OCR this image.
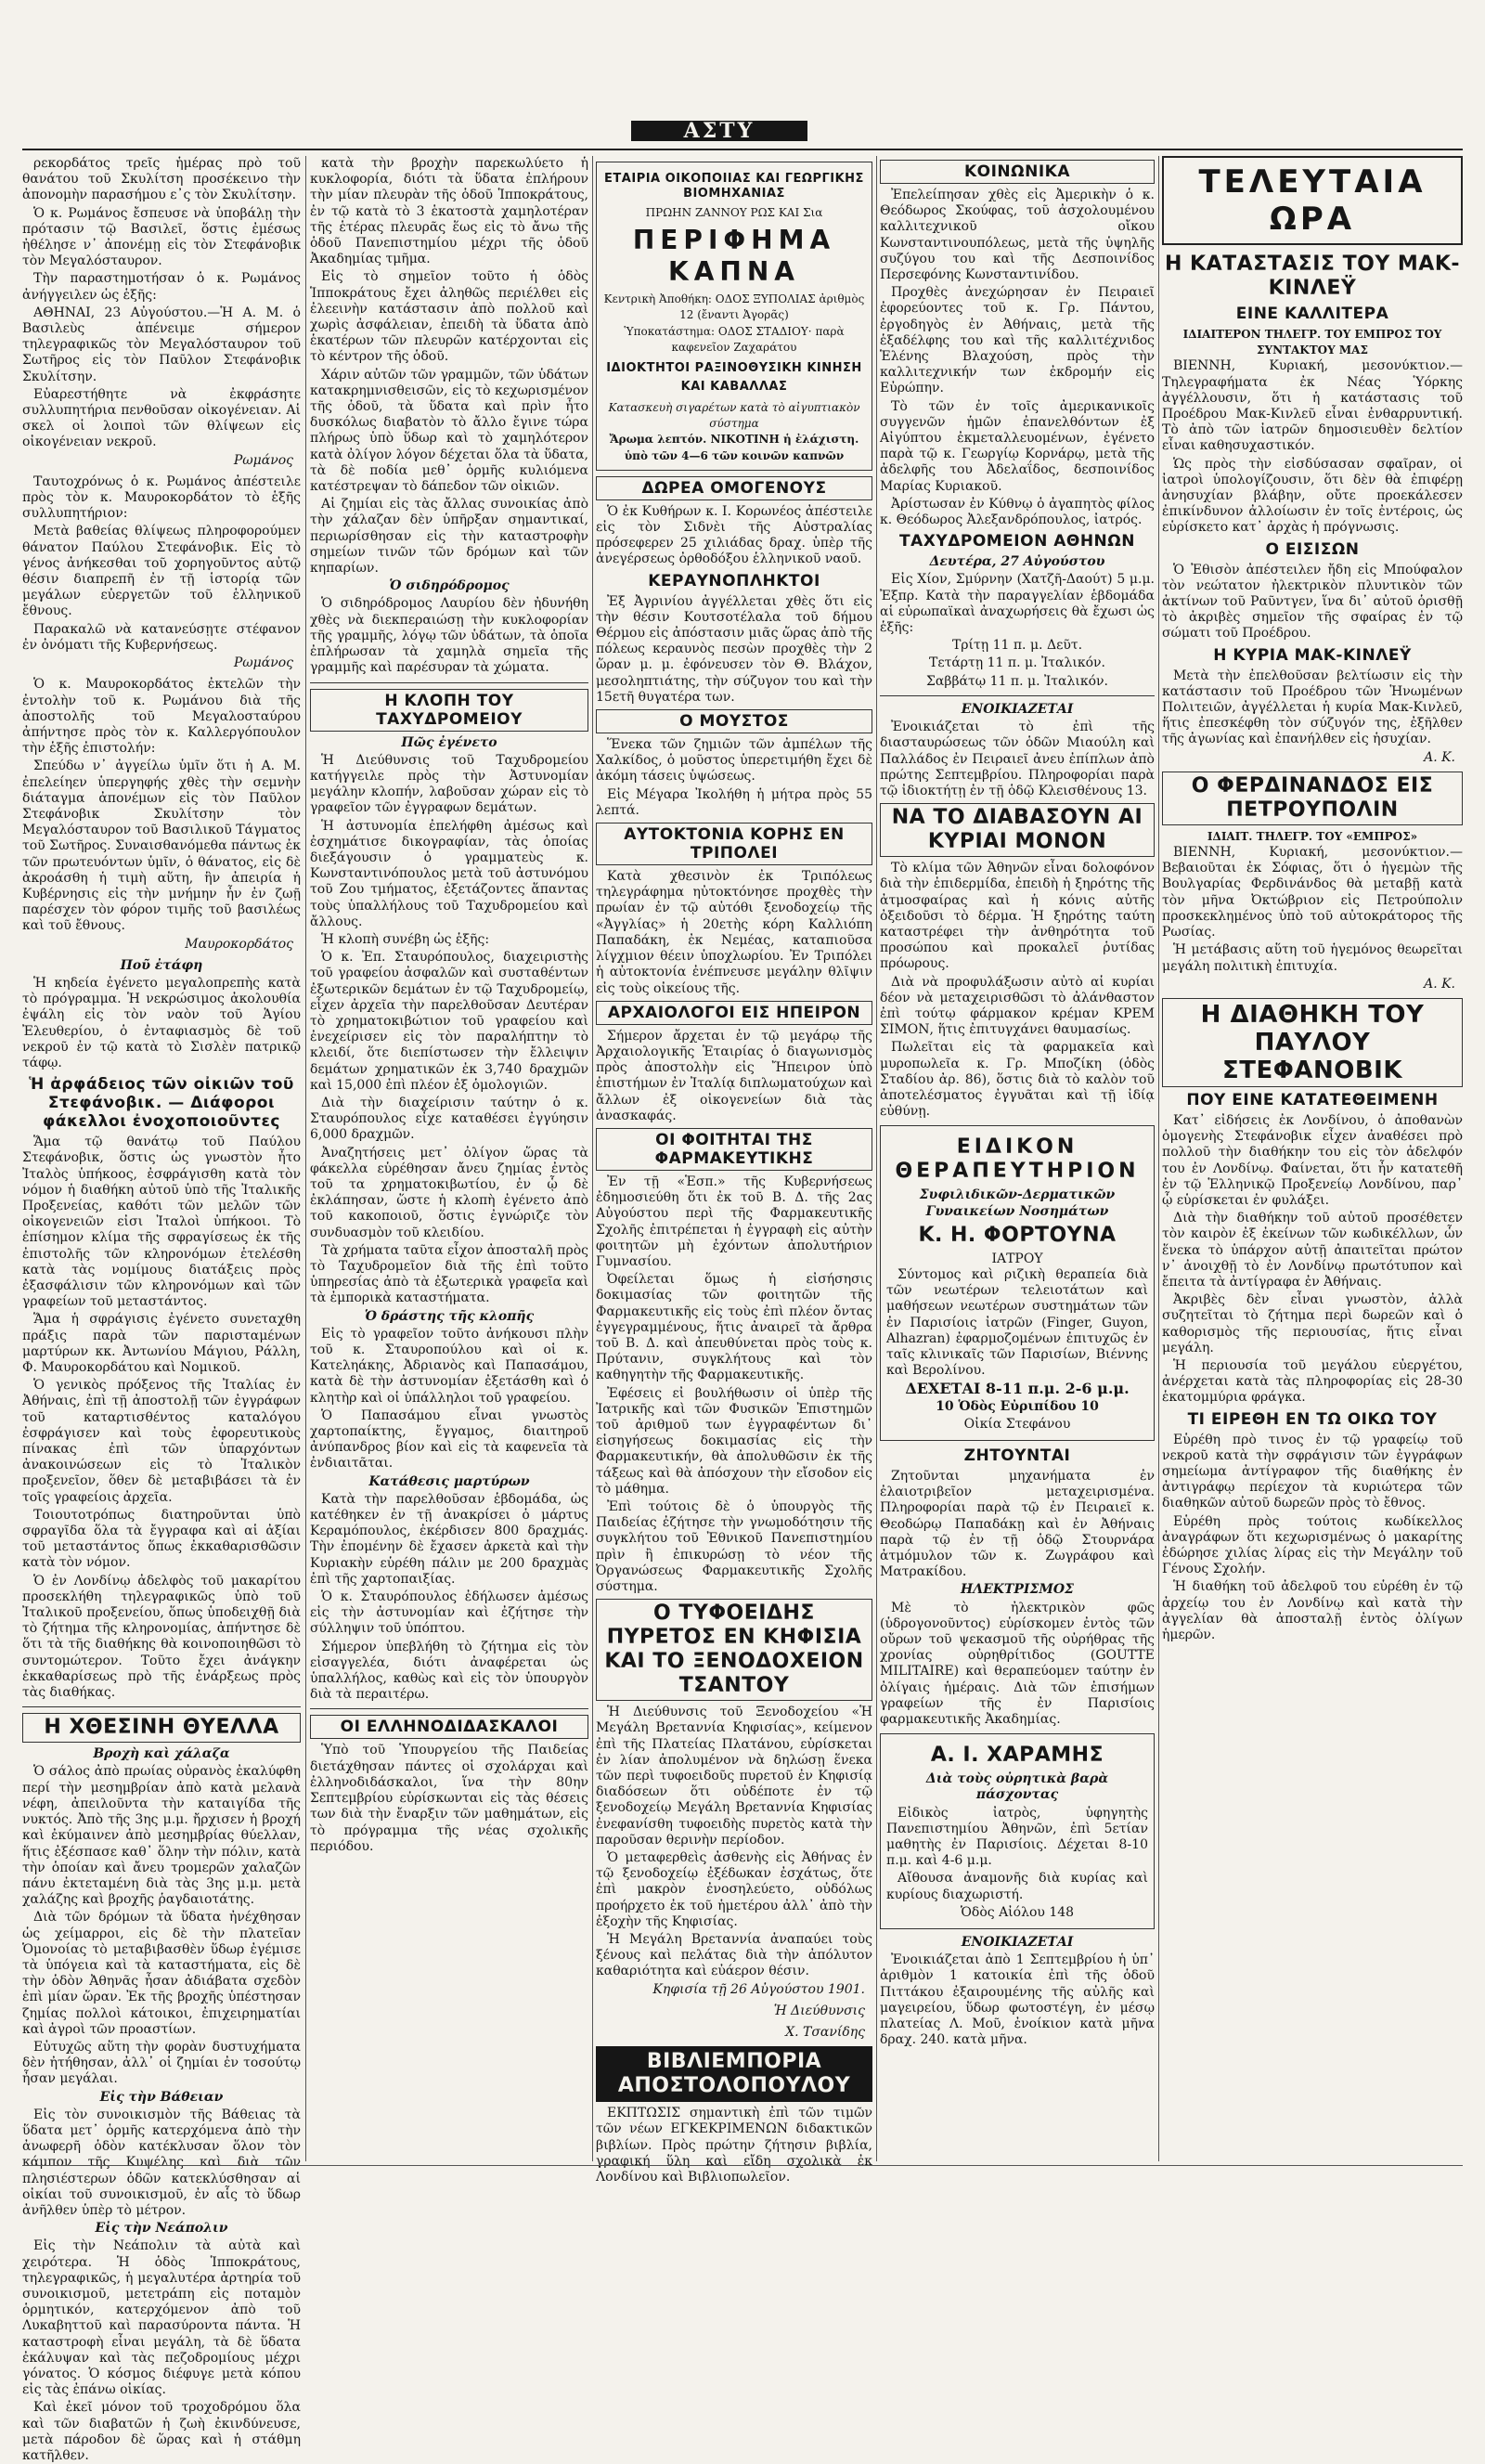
ΑΣΤΥ

ρεκορδάτος τρεῖς ἡμέρας πρὸ τοῦ θανάτου τοῦ Σκυλίτση προσέκεινο τὴν ἀπονομὴν παρασήμου ε᾽ς τὸν Σκυλίτσην.

Ὁ κ. Ρωμάνος ἔσπευσε νὰ ὑποβάλῃ τὴν πρότασιν τῷ Βασιλεῖ, ὅστις ἐμέσως ἠθέλησε ν᾽ ἀπονέμῃ εἰς τὸν Στεφάνοβικ τὸν Μεγαλόσταυρον.

Τὴν παραστημοτήσαν ὁ κ. Ρωμάνος ἀνήγγειλεν ὡς ἑξῆς:

ΑΘΗΝΑΙ, 23 Αὐγούστου.—Ἡ Α. Μ. ὁ Βασιλεὺς ἀπένειμε σήμερον τηλεγραφικῶς τὸν Μεγαλόσταυρον τοῦ Σωτῆρος εἰς τὸν Παῦλον Στεφάνοβικ Σκυλίτσην.

Εὐαρεστήθητε νὰ ἐκφράσητε συλλυπητήρια πενθοῦσαν οἰκογένειαν. Αἱ σκελ οἱ λοιποὶ τῶν θλίψεων εἰς οἰκογένειαν νεκροῦ.

Ρωμάνος

Ταυτοχρόνως ὁ κ. Ρωμάνος ἀπέστειλε πρὸς τὸν κ. Μαυροκορδάτον τὸ ἑξῆς συλλυπητήριον:

Μετὰ βαθείας θλίψεως πληροφορούμεν θάνατον Παύλου Στεφάνοβικ. Εἰς τὸ γένος ἀνήκεσθαι τοῦ χορηγοῦντος αὐτῷ θέσιν διαπρεπῆ ἐν τῇ ἱστορίᾳ τῶν μεγάλων εὐεργετῶν τοῦ ἑλληνικοῦ ἔθνους.

Παρακαλῶ νὰ κατανεύσῃτε στέφανον ἐν ὀνόματι τῆς Κυβερνήσεως.

Ρωμάνος

Ὁ κ. Μαυροκορδάτος ἐκτελῶν τὴν ἐντολὴν τοῦ κ. Ρωμάνου διὰ τῆς ἀποστολῆς τοῦ Μεγαλοσταύρου ἀπήντησε πρὸς τὸν κ. Καλλεργόπουλον τὴν ἑξῆς ἐπιστολήν:

Σπεύδω ν᾽ ἀγγείλω ὑμῖν ὅτι ἡ Α. Μ. ἐπελείηεν ὑπεργηφής χθὲς τὴν σεμνὴν διάταγμα ἀπονέμων εἰς τὸν Παῦλον Στεφάνοβικ Σκυλίτσην τὸν Μεγαλόσταυρον τοῦ Βασιλικοῦ Τάγματος τοῦ Σωτῆρος. Συναισθανόμεθα πάντως ἐκ τῶν πρωτευόντων ὑμῖν, ὁ θάνατος, εἰς δὲ ἀκροάσθη ἡ τιμὴ αὕτη, ἣν ἀπειρία ἡ Κυβέρνησις εἰς τὴν μνήμην ἦν ἐν ζωῇ παρέσχεν τὸν φόρον τιμῆς τοῦ βασιλέως καὶ τοῦ ἔθνους.

Μαυροκορδάτος
Ποῦ ἐτάφη

Ἡ κηδεία ἐγένετο μεγαλοπρεπὴς κατὰ τὸ πρόγραμμα. Ἡ νεκρώσιμος ἀκολουθία ἐψάλη εἰς τὸν ναὸν τοῦ Ἁγίου Ἐλευθερίου, ὁ ἐνταφιασμὸς δὲ τοῦ νεκροῦ ἐν τῷ κατὰ τὸ Σισλὲν πατρικῷ τάφῳ.

Ἡ ἀρφάδειος τῶν οἰκιῶν τοῦ Στεφάνοβικ. — Διάφοροι φάκελλοι ἐνοχοποιοῦντες

Ἅμα τῷ θανάτῳ τοῦ Παύλου Στεφάνοβικ, ὅστις ὡς γνωστὸν ἦτο Ἰταλὸς ὑπήκοος, ἐσφράγισθη κατὰ τὸν νόμον ἡ διαθήκη αὐτοῦ ὑπὸ τῆς Ἰταλικῆς Προξενείας, καθότι τῶν μελῶν τῶν οἰκογενειῶν εἰσι Ἰταλοὶ ὑπήκοοι. Τὸ ἐπίσημον κλίμα τῆς σφραγίσεως ἐκ τῆς ἐπιστολῆς τῶν κληρονόμων ἐτελέσθη κατὰ τὰς νομίμους διατάξεις πρὸς ἐξασφάλισιν τῶν κληρονόμων καὶ τῶν γραφείων τοῦ μεταστάντος.

Ἅμα ἡ σφράγισις ἐγένετο συνεταχθη πράξις παρὰ τῶν παρισταμένων μαρτύρων κκ. Ἀντωνίου Μάγιου, Ράλλη, Φ. Μαυροκορδάτου καὶ Νομικοῦ.

Ὁ γενικὸς πρόξενος τῆς Ἰταλίας ἐν Ἀθήναις, ἐπὶ τῇ ἀποστολῇ τῶν ἐγγράφων τοῦ καταρτισθέντος καταλόγου ἐσφράγισεν καὶ τοὺς ἐφορευτικοὺς πίνακας ἐπὶ τῶν ὑπαρχόντων ἀνακοινώσεων εἰς τὸ Ἰταλικὸν προξενεῖον, ὅθεν δὲ μεταβιβάσει τὰ ἐν τοῖς γραφείοις ἀρχεῖα.

Τοιουτοτρόπως διατηροῦνται ὑπὸ σφραγῖδα ὅλα τὰ ἔγγραφα καὶ αἱ ἀξίαι τοῦ μεταστάντος ὅπως ἐκκαθαρισθῶσιν κατὰ τὸν νόμον.

Ὁ ἐν Λονδίνῳ ἀδελφὸς τοῦ μακαρίτου προσεκλήθη τηλεγραφικῶς ὑπὸ τοῦ Ἰταλικοῦ προξενείου, ὅπως ὑποδειχθῇ διὰ τὸ ζήτημα τῆς κληρονομίας, ἀπήντησε δὲ ὅτι τὰ τῆς διαθήκης θὰ κοινοποιηθῶσι τὸ συντομώτερον. Τοῦτο ἔχει ἀνάγκην ἐκκαθαρίσεως πρὸ τῆς ἐνάρξεως πρὸς τὰς διαθήκας.

Η ΧΘΕΣΙΝΗ ΘΥΕΛΛΑ
Βροχὴ καὶ χάλαζα

Ὁ σάλος ἀπὸ πρωίας οὐρανὸς ἐκαλύφθη περί τὴν μεσημβρίαν ἀπὸ κατὰ μελανὰ νέφη, ἀπειλοῦντα τὴν καταιγίδα τῆς νυκτός. Ἀπὸ τῆς 3ης μ.μ. ἤρχισεν ἡ βροχή καὶ ἐκύμαινεν ἀπὸ μεσημβρίας θύελλαν, ἥτις ἐξέσπασε καθ᾽ ὅλην τὴν πόλιν, κατὰ τὴν ὁποίαν καὶ ἄνευ τρομερῶν χαλαζῶν πάνυ ἐκτεταμένη διὰ τὰς 3ης μ.μ. μετὰ χαλάζης καὶ βροχῆς ῥαγδαιοτάτης.

Διὰ τῶν δρόμων τὰ ὕδατα ἠνέχθησαν ὡς χείμαρροι, εἰς δὲ τὴν πλατεῖαν Ὁμονοίας τὸ μεταβιβασθὲν ὕδωρ ἐγέμισε τὰ ὑπόγεια καὶ τὰ καταστήματα, εἰς δὲ τὴν ὁδὸν Ἀθηνᾶς ἦσαν ἀδιάβατα σχεδὸν ἐπὶ μίαν ὥραν. Ἐκ τῆς βροχῆς ὑπέστησαν ζημίας πολλοὶ κάτοικοι, ἐπιχειρηματίαι καὶ ἀγροὶ τῶν προαστίων.

Εὐτυχῶς αὕτη τὴν φορὰν δυστυχήματα δὲν ἠτήθησαν, ἀλλ᾽ οἱ ζημίαι ἐν τοσούτῳ ἦσαν μεγάλαι.

Εἰς τὴν Βάθειαν

Εἰς τὸν συνοικισμὸν τῆς Βάθειας τὰ ὕδατα μετ᾽ ὁρμῆς κατερχόμενα ἀπὸ τὴν ἀνωφερῆ ὁδὸν κατέκλυσαν ὅλον τὸν κάμπον τῆς Κυψέλης καὶ διὰ τῶν πλησιέστερων ὁδῶν κατεκλύσθησαν αἱ οἰκίαι τοῦ συνοικισμοῦ, ἐν αἷς τὸ ὕδωρ ἀνῆλθεν ὑπὲρ τὸ μέτρον.

Εἰς τὴν Νεάπολιν

Εἰς τὴν Νεάπολιν τὰ αὐτὰ καὶ χειρότερα. Ἡ ὁδὸς Ἱπποκράτους, τηλεγραφικῶς, ἡ μεγαλυτέρα ἀρτηρία τοῦ συνοικισμοῦ, μετετράπη εἰς ποταμὸν ὁρμητικόν, κατερχόμενον ἀπὸ τοῦ Λυκαβηττοῦ καὶ παρασύροντα πάντα. Ἡ καταστροφὴ εἶναι μεγάλη, τὰ δὲ ὕδατα ἐκάλυψαν καὶ τὰς πεζοδρομίους μέχρι γόνατος. Ὁ κόσμος διέφυγε μετὰ κόπου εἰς τὰς ἐπάνω οἰκίας.

Καὶ ἐκεῖ μόνον τοῦ τροχοδρόμου ὅλα καὶ τῶν διαβατῶν ἡ ζωὴ ἐκινδύνευσε, μετὰ πάροδον δὲ ὥρας καὶ ἡ στάθμη κατῆλθεν.

κατὰ τὴν βροχὴν παρεκωλύετο ἡ κυκλοφορία, διότι τὰ ὕδατα ἐπλήρουν τὴν μίαν πλευρὰν τῆς ὁδοῦ Ἱπποκράτους, ἐν τῷ κατὰ τὸ 3 ἑκατοστὰ χαμηλοτέραν τῆς ἑτέρας πλευρᾶς ἕως εἰς τὸ ἄνω τῆς ὁδοῦ Πανεπιστημίου μέχρι τῆς ὁδοῦ Ἀκαδημίας τμῆμα.

Εἰς τὸ σημεῖον τοῦτο ἡ ὁδὸς Ἱπποκράτους ἔχει ἀληθῶς περιέλθει εἰς ἐλεεινὴν κατάστασιν ἀπὸ πολλοῦ καὶ χωρὶς ἀσφάλειαν, ἐπειδὴ τὰ ὕδατα ἀπὸ ἑκατέρων τῶν πλευρῶν κατέρχονται εἰς τὸ κέντρον τῆς ὁδοῦ.

Χάριν αὐτῶν τῶν γραμμῶν, τῶν ὑδάτων κατακρημνισθεισῶν, εἰς τὸ κεχωρισμένον τῆς ὁδοῦ, τὰ ὕδατα καὶ πρὶν ἦτο δυσκόλως διαβατὸν τὸ ἄλλο ἔγινε τώρα πλήρως ὑπὸ ὕδωρ καὶ τὸ χαμηλότερον κατὰ ὀλίγον λόγον δέχεται ὅλα τὰ ὕδατα, τὰ δὲ ποδία μεθ᾽ ὁρμῆς κυλιόμενα κατέστρεψαν τὸ δάπεδον τῶν οἰκιῶν.

Αἱ ζημίαι εἰς τὰς ἄλλας συνοικίας ἀπὸ τὴν χάλαζαν δὲν ὑπῆρξαν σημαντικαί, περιωρίσθησαν εἰς τὴν καταστροφὴν σημείων τινῶν τῶν δρόμων καὶ τῶν κηπαρίων.

Ὁ σιδηρόδρομος

Ὁ σιδηρόδρομος Λαυρίου δὲν ἠδυνήθη χθὲς νὰ διεκπεραιώσῃ τὴν κυκλοφορίαν τῆς γραμμῆς, λόγῳ τῶν ὑδάτων, τὰ ὁποῖα ἐπλήρωσαν τὰ χαμηλὰ σημεῖα τῆς γραμμῆς καὶ παρέσυραν τὰ χώματα.

Η ΚΛΟΠΗ ΤΟΥ ΤΑΧΥΔΡΟΜΕΙΟΥ
Πῶς ἐγένετο

Ἡ Διεύθυνσις τοῦ Ταχυδρομείου κατήγγειλε πρὸς τὴν Ἀστυνομίαν μεγάλην κλοπήν, λαβοῦσαν χώραν εἰς τὸ γραφεῖον τῶν ἐγγραφων δεμάτων.

Ἡ ἀστυνομία ἐπελήφθη ἀμέσως καὶ ἐσχημάτισε δικογραφίαν, τὰς ὁποίας διεξάγουσιν ὁ γραμματεὺς κ. Κωνσταντινόπουλος μετὰ τοῦ ἀστυνόμου τοῦ Ζου τμήματος, ἐξετάζοντες ἅπαντας τοὺς ὑπαλλήλους τοῦ Ταχυδρομείου καὶ ἄλλους.

Ἡ κλοπὴ συνέβη ὡς ἑξῆς:

Ὁ κ. Ἐπ. Σταυρόπουλος, διαχειριστὴς τοῦ γραφείου ἀσφαλῶν καὶ συσταθέντων ἐξωτερικῶν δεμάτων ἐν τῷ Ταχυδρομείῳ, εἶχεν ἀρχεῖα τὴν παρελθοῦσαν Δευτέραν τὸ χρηματοκιβώτιον τοῦ γραφείου καὶ ἐνεχείρισεν εἰς τὸν παραλήπτην τὸ κλειδί, ὅτε διεπίστωσεν τὴν ἔλλειψιν δεμάτων χρηματικῶν ἐκ 3,740 δραχμῶν καὶ 15,000 ἐπὶ πλέον ἐξ ὁμολογιῶν.

Διὰ τὴν διαχείρισιν ταύτην ὁ κ. Σταυρόπουλος εἶχε καταθέσει ἐγγύησιν 6,000 δραχμῶν.

Ἀναζητήσεις μετ᾽ ὀλίγον ὥρας τὰ φάκελλα εὑρέθησαν ἄνευ ζημίας ἐντὸς τοῦ τα χρηματοκιβωτίου, ἐν ᾧ δὲ ἐκλάπησαν, ὥστε ἡ κλοπὴ ἐγένετο ἀπὸ τοῦ κακοποιοῦ, ὅστις ἐγνώριζε τὸν συνδυασμὸν τοῦ κλειδίου.

Τὰ χρήματα ταῦτα εἶχον ἀποσταλῆ πρὸς τὸ Ταχυδρομεῖον διὰ τῆς ἐπὶ τοῦτο ὑπηρεσίας ἀπὸ τὰ ἐξωτερικὰ γραφεῖα καὶ τὰ ἐμπορικὰ καταστήματα.

Ὁ δράστης τῆς κλοπῆς

Εἰς τὸ γραφεῖον τοῦτο ἀνήκουσι πλὴν τοῦ κ. Σταυροπούλου καὶ οἱ κ. Κατεληάκης, Ἀδριανὸς καὶ Παπασάμου, κατὰ δὲ τὴν ἀστυνομίαν ἐξετάσθη καὶ ὁ κλητὴρ καὶ οἱ ὑπάλληλοι τοῦ γραφείου.

Ὁ Παπασάμου εἶναι γνωστὸς χαρτοπαίκτης, ἔγγαμος, διαιτηροῦ ἀνύπανδρος βίον καὶ εἰς τὰ καφενεῖα τὰ ἐνδιαιτᾶται.

Κατάθεσις μαρτύρων

Κατὰ τὴν παρελθοῦσαν ἑβδομάδα, ὡς κατέθηκεν ἐν τῇ ἀνακρίσει ὁ μάρτυς Κεραμόπουλος, ἐκέρδισεν 800 δραχμάς. Τὴν ἐπομένην δὲ ἔχασεν ἀρκετὰ καὶ τὴν Κυριακὴν εὑρέθη πάλιν με 200 δραχμὰς ἐπὶ τῆς χαρτοπαιξίας.

Ὁ κ. Σταυρόπουλος ἐδήλωσεν ἀμέσως εἰς τὴν ἀστυνομίαν καὶ ἐζήτησε τὴν σύλληψιν τοῦ ὑπόπτου.

Σήμερον ὑπεβλήθη τὸ ζήτημα εἰς τὸν εἰσαγγελέα, διότι ἀναφέρεται ὡς ὑπαλλήλος, καθὼς καὶ εἰς τὸν ὑπουργὸν διὰ τὰ περαιτέρω.

ΟΙ ΕΛΛΗΝΟΔΙΔΑΣΚΑΛΟΙ

Ὑπὸ τοῦ Ὑπουργείου τῆς Παιδείας διετάχθησαν πάντες οἱ σχολάρχαι καὶ ἐλληνοδιδάσκαλοι, ἵνα τὴν 80ην Σεπτεμβρίου εὑρίσκωνται εἰς τὰς θέσεις των διὰ τὴν ἔναρξιν τῶν μαθημάτων, εἰς τὸ πρόγραμμα τῆς νέας σχολικῆς περιόδου.

ΕΤΑΙΡΙΑ ΟΙΚΟΠΟΙΙΑΣ ΚΑΙ ΓΕΩΡΓΙΚΗΣ ΒΙΟΜΗΧΑΝΙΑΣ
ΠΡΩΗΝ ΖΑΝΝΟΥ ΡΩΣ ΚΑΙ Σια
ΠΕΡΙΦΗΜΑ ΚΑΠΝΑ
Κεντρικὴ Ἀποθήκη: ΟΔΟΣ ΞΥΠΟΛΙΑΣ ἀριθμὸς 12 (ἔναντι Ἀγορᾶς)
Ὑποκατάστημα: ΟΔΟΣ ΣΤΑΔΙΟΥ· παρὰ καφενεῖον Ζαχαράτου
ΙΔΙΟΚΤΗΤΟΙ ΡΑΞΙΝΟΘΥΣΙΚΗ ΚΙΝΗΣΗ ΚΑΙ ΚΑΒΑΛΛΑΣ
Κατασκευὴ σιγαρέτων κατὰ τὸ αἰγυπτιακὸν σύστημα
Ἄρωμα λεπτόν. ΝΙΚΟΤΙΝΗ ἡ ἐλάχιστη. ὑπὸ τῶν 4—6 τῶν κοινῶν καπνῶν
ΔΩΡΕΑ ΟΜΟΓΕΝΟΥΣ

Ὁ ἐκ Κυθήρων κ. Ι. Κορωνέος ἀπέστειλε εἰς τὸν Σιδνὲι τῆς Αὐστραλίας πρόσεφερεν 25 χιλιάδας δραχ. ὑπὲρ τῆς ἀνεγέρσεως ὀρθοδόξου ἑλληνικοῦ ναοῦ.

ΚΕΡΑΥΝΟΠΛΗΚΤΟΙ

Ἐξ Ἀγρινίου ἀγγέλλεται χθὲς ὅτι εἰς τὴν θέσιν Κουτσοτέλαλα τοῦ δήμου Θέρμου εἰς ἀπόστασιν μιᾶς ὥρας ἀπὸ τῆς πόλεως κεραυνὸς πεσὼν προχθὲς τὴν 2 ὥραν μ. μ. ἐφόνευσεν τὸν Θ. Βλάχον, μεσοληπτιάτης, τὴν σύζυγον του καὶ τὴν 15ετῆ θυγατέρα των.

Ο ΜΟΥΣΤΟΣ

Ἕνεκα τῶν ζημιῶν τῶν ἀμπέλων τῆς Χαλκίδος, ὁ μοῦστος ὑπερετιμήθη ἔχει δὲ ἀκόμη τάσεις ὑψώσεως.

Εἰς Μέγαρα Ἰκολήθη ἡ μήτρα πρὸς 55 λεπτά.

ΑΥΤΟΚΤΟΝΙΑ ΚΟΡΗΣ ΕΝ ΤΡΙΠΟΛΕΙ

Κατὰ χθεσινὸν ἐκ Τριπόλεως τηλεγράφημα ηὐτοκτόνησε προχθὲς τὴν πρωίαν ἐν τῷ αὐτόθι ξενοδοχείῳ τῆς «Ἀγγλίας» ἡ 20ετὴς κόρη Καλλιόπη Παπαδάκη, ἐκ Νεμέας, καταπιοῦσα λίγχμιον θέειν ὑποχλωρίου. Ἐν Τριπόλει ἡ αὐτοκτονία ἐνέπνευσε μεγάλην θλῖψιν εἰς τοὺς οἰκείους τῆς.

ΑΡΧΑΙΟΛΟΓΟΙ ΕΙΣ ΗΠΕΙΡΟΝ

Σήμερον ἄρχεται ἐν τῷ μεγάρῳ τῆς Ἀρχαιολογικῆς Ἑταιρίας ὁ διαγωνισμὸς πρὸς ἀποστολὴν εἰς Ἤπειρον ὑπὸ ἐπιστήμων ἐν Ἰταλίᾳ διπλωματούχων καὶ ἄλλων ἐξ οἰκογενείων διὰ τὰς ἀνασκαφάς.

ΟΙ ΦΟΙΤΗΤΑΙ ΤΗΣ ΦΑΡΜΑΚΕΥΤΙΚΗΣ

Ἐν τῇ «Ἑσπ.» τῆς Κυβερνήσεως ἐδημοσιεύθη ὅτι ἐκ τοῦ Β. Δ. τῆς 2ας Αὐγούστου περὶ τῆς Φαρμακευτικῆς Σχολῆς ἐπιτρέπεται ἡ ἐγγραφὴ εἰς αὐτὴν φοιτητῶν μὴ ἐχόντων ἀπολυτήριον Γυμνασίου.

Ὀφείλεται ὅμως ἡ εἰσήσησις δοκιμασίας τῶν φοιτητῶν τῆς Φαρμακευτικῆς εἰς τοὺς ἐπὶ πλέον ὄντας ἐγγεγραμμένους, ἥτις ἀναιρεῖ τὰ ἄρθρα τοῦ Β. Δ. καὶ ἀπευθύνεται πρὸς τοὺς κ. Πρύτανιν, συγκλήτους καὶ τὸν καθηγητὴν τῆς Φαρμακευτικῆς.

Ἐφέσεις εἰ βουλήθωσιν οἱ ὑπὲρ τῆς Ἰατρικῆς καὶ τῶν Φυσικῶν Ἐπιστημῶν τοῦ ἀριθμοῦ των ἐγγραφέντων δι᾽ εἰσηγήσεως δοκιμασίας εἰς τὴν Φαρμακευτικήν, θὰ ἀπολυθῶσιν ἐκ τῆς τάξεως καὶ θὰ ἀπόσχουν τὴν εἴσοδον εἰς τὸ μάθημα.

Ἐπὶ τούτοις δὲ ὁ ὑπουργὸς τῆς Παιδείας ἐζήτησε τὴν γνωμοδότησιν τῆς συγκλήτου τοῦ Ἐθνικοῦ Πανεπιστημίου πρὶν ἢ ἐπικυρώσῃ τὸ νέον τῆς Ὀργανώσεως Φαρμακευτικῆς Σχολῆς σύστημα.

Ο ΤΥΦΟΕΙΔΗΣ ΠΥΡΕΤΟΣ ΕΝ ΚΗΦΙΣΙΑ ΚΑΙ ΤΟ ΞΕΝΟΔΟΧΕΙΟΝ ΤΣΑΝΤΟΥ

Ἡ Διεύθυνσις τοῦ Ξενοδοχείου «Ἡ Μεγάλη Βρεταννία Κηφισίας», κείμενον ἐπὶ τῆς Πλατείας Πλατάνου, εὑρίσκεται ἐν λίαν ἀπολυμένον νὰ δηλώσῃ ἕνεκα τῶν περὶ τυφοειδοῦς πυρετοῦ ἐν Κηφισίᾳ διαδόσεων ὅτι οὐδέποτε ἐν τῷ ξενοδοχείῳ Μεγάλη Βρεταννία Κηφισίας ἐνεφανίσθη τυφοειδὴς πυρετὸς κατὰ τὴν παροῦσαν θερινὴν περίοδον.

Ὁ μεταφερθεὶς ἀσθενὴς εἰς Ἀθήνας ἐν τῷ ξενοδοχείῳ ἐξέδωκαν ἐσχάτως, ὅτε ἐπὶ μακρὸν ἐνοσηλεύετο, οὐδόλως προήρχετο ἐκ τοῦ ἡμετέρου ἀλλ᾽ ἀπὸ τὴν ἐξοχὴν τῆς Κηφισίας.

Ἡ Μεγάλη Βρεταννία ἀναπαύει τοὺς ξένους καὶ πελάτας διὰ τὴν ἀπόλυτον καθαριότητα καὶ εὐάερον θέσιν.

Κηφισία τῇ 26 Αὐγούστου 1901.
Ἡ Διεύθυνσις
Χ. Τσανίδης
ΒΙΒΛΙΕΜΠΟΡΙΑ ΑΠΟΣΤΟΛΟΠΟΥΛΟΥ

ΕΚΠΤΩΣΙΣ σημαντικὴ ἐπὶ τῶν τιμῶν τῶν νέων ΕΓΚΕΚΡΙΜΕΝΩΝ διδακτικῶν βιβλίων. Πρὸς πρώτην ζήτησιν βιβλία, γραφική ὕλη καὶ εἴδη σχολικὰ ἐκ Λονδίνου καὶ Βιβλιοπωλεῖον.

ΚΟΙΝΩΝΙΚΑ

Ἐπελείπησαν χθὲς εἰς Ἀμερικὴν ὁ κ. Θεόδωρος Σκούφας, τοῦ ἀσχολουμένου καλλιτεχνικοῦ οἴκου Κωνσταντινουπόλεως, μετὰ τῆς ὑψηλῆς συζύγου του καὶ τῆς Δεσποινίδος Περσεφόνης Κωνσταντινίδου.

Προχθὲς ἀνεχώρησαν ἐν Πειραιεῖ ἐφορεύοντες τοῦ κ. Γρ. Πάντου, ἐργοδηγὸς ἐν Ἀθήναις, μετὰ τῆς ἑξαδέλφης του καὶ τῆς καλλιτέχνιδος Ἑλένης Βλαχούση, πρὸς τὴν καλλιτεχνικήν των ἐκδρομήν εἰς Εὐρώπην.

Τὸ τῶν ἐν τοῖς ἀμερικανικοῖς συγγενῶν ἡμῶν ἐπανελθόντων ἐξ Αἰγύπτου ἐκμεταλλευομένων, ἐγένετο παρὰ τῷ κ. Γεωργίῳ Κορνάρῳ, μετὰ τῆς ἀδελφῆς του Ἀδελαΐδος, δεσποινίδος Μαρίας Κυριακοῦ.

Ἀρίστωσαν ἐν Κύθνῳ ὁ ἀγαπητὸς φίλος κ. Θεόδωρος Ἀλεξανδρόπουλος, ἰατρός.

ΤΑΧΥΔΡΟΜΕΙΟΝ ΑΘΗΝΩΝ
Δευτέρα, 27 Αὐγούστου

Εἰς Χίον, Σμύρνην (Χατζῆ-Δαούτ) 5 μ.μ. Ἐξπρ. Κατὰ τὴν παραγγελίαν ἑβδομάδα αἱ εὐρωπαϊκαὶ ἀναχωρήσεις θὰ ἔχωσι ὡς ἑξῆς:

Τρίτῃ 11 π. μ. Δεῦτ.

Τετάρτῃ 11 π. μ. Ἰταλικόν.

Σαββάτῳ 11 π. μ. Ἰταλικόν.

ΕΝΟΙΚΙΑΖΕΤΑΙ

Ἐνοικιάζεται τὸ ἐπὶ τῆς διασταυρώσεως τῶν ὁδῶν Μιαούλη καὶ Παλλάδος ἐν Πειραιεῖ ἀνευ ἐπίπλων ἀπὸ πρώτης Σεπτεμβρίου. Πληροφορίαι παρὰ τῷ ἰδιοκτήτῃ ἐν τῇ ὁδῷ Κλεισθένους 13.

ΝΑ ΤΟ ΔΙΑΒΑΣΟΥΝ ΑΙ ΚΥΡΙΑΙ ΜΟΝΟΝ

Τὸ κλίμα τῶν Ἀθηνῶν εἶναι δολοφόνον διὰ τὴν ἐπιδερμίδα, ἐπειδὴ ἡ ξηρότης τῆς ἀτμοσφαίρας καὶ ἡ κόνις αὐτῆς ὀξειδοῦσι τὸ δέρμα. Ἡ ξηρότης ταύτη καταστρέφει τὴν ἀνθηρότητα τοῦ προσώπου καὶ προκαλεῖ ῥυτίδας πρόωρους.

Διὰ νὰ προφυλάξωσιν αὐτὸ αἱ κυρίαι δέον νὰ μεταχειρισθῶσι τὸ ἀλάνθαστον ἐπὶ τούτῳ φάρμακον κρέμαν ΚΡΕΜ ΣΙΜΟΝ, ἥτις ἐπιτυγχάνει θαυμασίως.

Πωλεῖται εἰς τὰ φαρμακεῖα καὶ μυροπωλεῖα κ. Γρ. Μποζίκη (ὁδὸς Σταδίου ἀρ. 86), ὅστις διὰ τὸ καλὸν τοῦ ἀποτελέσματος ἐγγυᾶται καὶ τῇ ἰδίᾳ εὐθύνῃ.

ΕΙΔΙΚΟΝ ΘΕΡΑΠΕΥΤΗΡΙΟΝ
Συφιλιδικῶν-Δερματικῶν Γυναικείων Νοσημάτων
Κ. Η. ΦΟΡΤΟΥΝΑ
ΙΑΤΡΟΥ

Σύντομος καὶ ριζικὴ θεραπεία διὰ τῶν νεωτέρων τελειοτάτων καὶ μαθήσεων νεωτέρων συστημάτων τῶν ἐν Παρισίοις ἰατρῶν (Finger, Guyon, Alhazran) ἐφαρμοζομένων ἐπιτυχῶς ἐν ταῖς κλινικαῖς τῶν Παρισίων, Βιέννης καὶ Βερολίνου.

ΔΕΧΕΤΑΙ 8-11 π.μ. 2-6 μ.μ.

10 Ὁδὸς Εὐριπίδου 10

Οἰκία Στεφάνου

ΖΗΤΟΥΝΤΑΙ

Ζητοῦνται μηχανήματα ἐν ἐλαιοτριβεῖον μεταχειρισμένα. Πληροφορίαι παρὰ τῷ ἐν Πειραιεῖ κ. Θεοδώρῳ Παπαδάκῃ καὶ ἐν Ἀθήναις παρὰ τῷ ἐν τῇ ὁδῷ Στουρνάρα ἀτμόμυλον τῶν κ. Ζωγράφου καὶ Ματρακίδου.

ΗΛΕΚΤΡΙΣΜΟΣ

Μὲ τὸ ἠλεκτρικὸν φῶς (ὑδρογονοῦντος) εὑρίσκομεν ἐντὸς τῶν οὔρων τοῦ ψεκασμοῦ τῆς οὐρήθρας τῆς χρονίας οὐρηθρίτιδος (GOUTTE MILITAIRE) καὶ θεραπεύομεν ταύτην ἐν ὀλίγαις ἡμέραις. Διὰ τῶν ἐπισήμων γραφείων τῆς ἐν Παρισίοις φαρμακευτικῆς Ἀκαδημίας.

Α. Ι. ΧΑΡΑΜΗΣ
Διὰ τοὺς οὐρητικὰ βαρὰ πάσχοντας

Εἰδικὸς ἰατρὸς, ὑφηγητὴς Πανεπιστημίου Ἀθηνῶν, ἐπὶ 5ετίαν μαθητὴς ἐν Παρισίοις. Δέχεται 8-10 π.μ. καὶ 4-6 μ.μ.

Αἴθουσα ἀναμονῆς διὰ κυρίας καὶ κυρίους διαχωριστή.

Ὁδὸς Αἰόλου 148

ΕΝΟΙΚΙΑΖΕΤΑΙ

Ἐνοικιάζεται ἀπὸ 1 Σεπτεμβρίου ἡ ὑπ᾽ ἀριθμὸν 1 κατοικία ἐπὶ τῆς ὁδοῦ Πιττάκου ἐξαιρουμένης τῆς αὐλῆς καὶ μαγειρείου, ὕδωρ φωτοστέγη, ἐν μέσῳ πλατείας Λ. Μοῦ, ἐνοίκιον κατὰ μῆνα δραχ. 240. κατὰ μῆνα.

ΤΕΛΕΥΤΑΙΑ ΩΡΑ
Η ΚΑΤΑΣΤΑΣΙΣ ΤΟΥ ΜΑΚ-ΚΙΝΛΕΫ
ΕΙΝΕ ΚΑΛΛΙΤΕΡΑ
ΙΔΙΑΙΤΕΡΟΝ ΤΗΛΕΓΡ. ΤΟΥ ΕΜΠΡΟΣ ΤΟΥ ΣΥΝΤΑΚΤΟΥ ΜΑΣ

ΒΙΕΝΝΗ, Κυριακή, μεσονύκτιον.—Τηλεγραφήματα ἐκ Νέας Ὑόρκης ἀγγέλλουσιν, ὅτι ἡ κατάστασις τοῦ Προέδρου Μακ-Κινλεῦ εἶναι ἐνθαρρυντική. Τὸ ἀπὸ τῶν ἰατρῶν δημοσιευθὲν δελτίον εἶναι καθησυχαστικόν.

Ὡς πρὸς τὴν εἰσδύσασαν σφαῖραν, οἱ ἰατροὶ ὑπολογίζουσιν, ὅτι δὲν θὰ ἐπιφέρῃ ἀνησυχίαν βλάβην, οὔτε προεκάλεσεν ἐπικίνδυνον ἀλλοίωσιν ἐν τοῖς ἐντέροις, ὡς εὑρίσκετο κατ᾽ ἀρχὰς ἡ πρόγνωσις.

Ο ΕΙΣΙΣΩΝ

Ὁ Ἐθισὸν ἀπέστειλεν ἤδη εἰς Μπούφαλον τὸν νεώτατον ἠλεκτρικὸν πλυντικὸν τῶν ἀκτίνων τοῦ Ραῦντγεν, ἵνα δι᾽ αὐτοῦ ὁρισθῇ τὸ ἀκριβὲς σημεῖον τῆς σφαίρας ἐν τῷ σώματι τοῦ Προέδρου.

Η ΚΥΡΙΑ ΜΑΚ-ΚΙΝΛΕΫ

Μετὰ τὴν ἐπελθοῦσαν βελτίωσιν εἰς τὴν κατάστασιν τοῦ Προέδρου τῶν Ἡνωμένων Πολιτειῶν, ἀγγέλλεται ἡ κυρία Μακ-Κινλεῦ, ἥτις ἐπεσκέφθη τὸν σύζυγόν της, ἐξῆλθεν τῆς ἀγωνίας καὶ ἐπανήλθεν εἰς ἡσυχίαν.

Α. Κ.
Ο ΦΕΡΔΙΝΑΝΔΟΣ ΕΙΣ ΠΕΤΡΟΥΠΟΛΙΝ
ΙΔΙΑΙΤ. ΤΗΛΕΓΡ. ΤΟΥ «ΕΜΠΡΟΣ»

ΒΙΕΝΝΗ, Κυριακή, μεσονύκτιον.—Βεβαιοῦται ἐκ Σόφιας, ὅτι ὁ ἡγεμὼν τῆς Βουλγαρίας Φερδινάνδος θὰ μεταβῇ κατὰ τὸν μῆνα Ὀκτώβριον εἰς Πετρούπολιν προσκεκλημένος ὑπὸ τοῦ αὐτοκράτορος τῆς Ρωσίας.

Ἡ μετάβασις αὕτη τοῦ ἡγεμόνος θεωρεῖται μεγάλη πολιτικὴ ἐπιτυχία.

Α. Κ.
Η ΔΙΑΘΗΚΗ ΤΟΥ ΠΑΥΛΟΥ ΣΤΕΦΑΝΟΒΙΚ
ΠΟΥ ΕΙΝΕ ΚΑΤΑΤΕΘΕΙΜΕΝΗ

Κατ᾽ εἰδήσεις ἐκ Λονδίνου, ὁ ἀποθανὼν ὁμογενὴς Στεφάνοβικ εἶχεν ἀναθέσει πρὸ πολλοῦ τὴν διαθήκην του εἰς τὸν ἀδελφόν του ἐν Λονδίνῳ. Φαίνεται, ὅτι ἦν κατατεθῆ ἐν τῷ Ἑλληνικῷ Προξενείῳ Λονδίνου, παρ᾽ ᾧ εὑρίσκεται ἐν φυλάξει.

Διὰ τὴν διαθήκην τοῦ αὐτοῦ προσέθετεν τὸν καιρὸν ἐξ ἐκείνων τῶν κωδικέλλων, ὧν ἕνεκα τὸ ὑπάρχον αὐτῇ ἀπαιτεῖται πρώτον ν᾽ ἀνοιχθῇ τὸ ἐν Λονδίνῳ πρωτότυπον καὶ ἔπειτα τὰ ἀντίγραφα ἐν Ἀθήναις.

Ἀκριβὲς δὲν εἶναι γνωστὸν, ἀλλὰ συζητεῖται τὸ ζήτημα περὶ δωρεῶν καὶ ὁ καθορισμὸς τῆς περιουσίας, ἥτις εἶναι μεγάλη.

Ἡ περιουσία τοῦ μεγάλου εὐεργέτου, ἀνέρχεται κατὰ τὰς πληροφορίας εἰς 28-30 ἑκατομμύρια φράγκα.

ΤΙ ΕΙΡΕΘΗ ΕΝ ΤΩ ΟΙΚΩ ΤΟΥ

Εὑρέθη πρὸ τινος ἐν τῷ γραφείῳ τοῦ νεκροῦ κατὰ τὴν σφράγισιν τῶν ἐγγράφων σημείωμα ἀντίγραφον τῆς διαθήκης ἐν ἀντιγράφῳ περίεχον τὰ κυριώτερα τῶν διαθηκῶν αὐτοῦ δωρεῶν πρὸς τὸ ἔθνος.

Εὑρέθη πρὸς τούτοις κωδίκελλος ἀναγράφων ὅτι κεχωρισμένως ὁ μακαρίτης ἐδώρησε χιλίας λίρας εἰς τὴν Μεγάλην τοῦ Γένους Σχολήν.

Ἡ διαθήκη τοῦ ἀδελφοῦ του εὑρέθη ἐν τῷ ἀρχείῳ του ἐν Λονδίνῳ καὶ κατὰ τὴν ἀγγελίαν θὰ ἀποσταλῇ ἐντὸς ὀλίγων ἡμερῶν.
